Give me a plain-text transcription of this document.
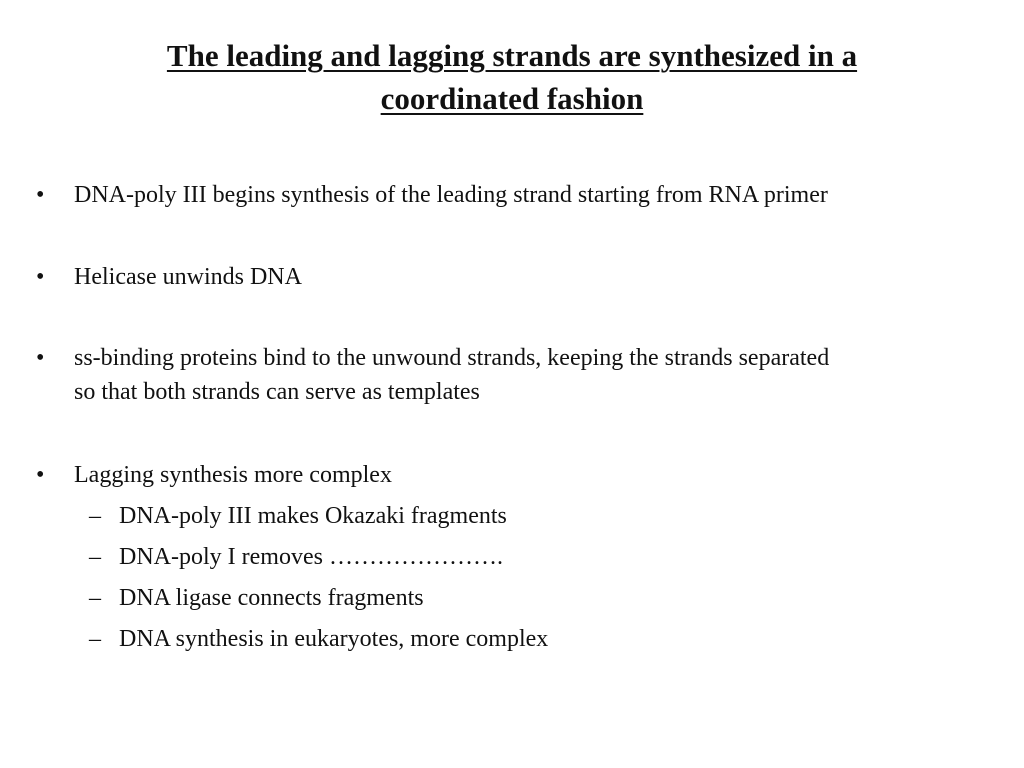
The leading and lagging strands are synthesized in a
coordinated fashion
• DNA-poly III begins synthesis of the leading strand starting from RNA primer
• Helicase unwinds DNA
• ss-binding proteins bind to the unwound strands, keeping the strands separated
so that both strands can serve as templates
• Lagging synthesis more complex
– DNA-poly III makes Okazaki fragments
– DNA-poly I removes ………………….
– DNA ligase connects fragments
– DNA synthesis in eukaryotes, more complex
